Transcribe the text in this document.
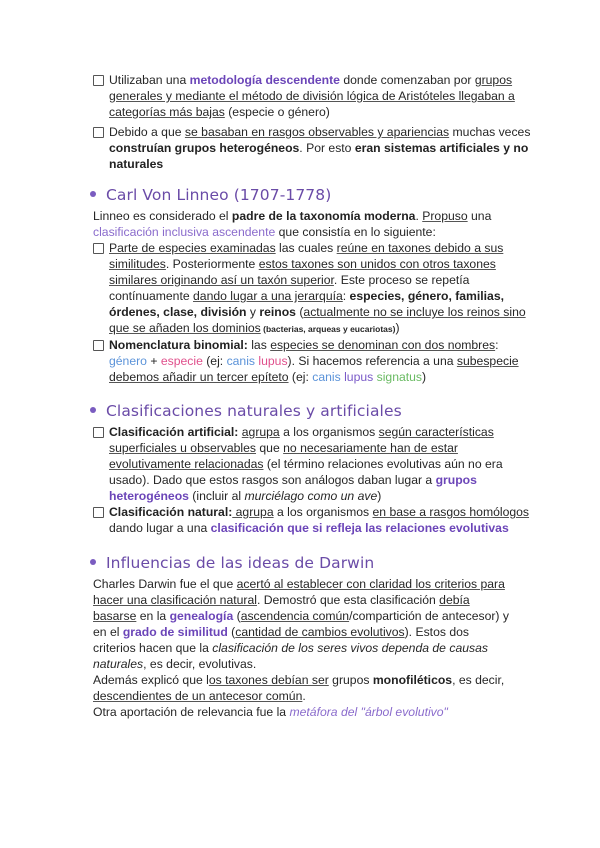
Utilizaban una metodología descendente donde comenzaban por grupos generales y mediante el método de división lógica de Aristóteles llegaban a categorías más bajas (especie o género)
Debido a que se basaban en rasgos observables y apariencias muchas veces construían grupos heterogéneos. Por esto eran sistemas artificiales y no naturales
Carl Von Linneo (1707-1778)
Linneo es considerado el padre de la taxonomía moderna. Propuso una clasificación inclusiva ascendente que consistía en lo siguiente:
Parte de especies examinadas las cuales reúne en taxones debido a sus similitudes. Posteriormente estos taxones son unidos con otros taxones similares originando así un taxón superior. Este proceso se repetía contínuamente dando lugar a una jerarquía: especies, género, familias, órdenes, clase, división y reinos (actualmente no se incluye los reinos sino que se añaden los dominios (bacterias, arqueas y eucariotas))
Nomenclatura binomial: las especies se denominan con dos nombres: género + especie (ej: canis lupus). Si hacemos referencia a una subespecie debemos añadir un tercer epíteto (ej: canis lupus signatus)
Clasificaciones naturales y artificiales
Clasificación artificial: agrupa a los organismos según características superficiales u observables que no necesariamente han de estar evolutivamente relacionadas (el término relaciones evolutivas aún no era usado). Dado que estos rasgos son análogos daban lugar a grupos heterogéneos (incluir al murciélago como un ave)
Clasificación natural: agrupa a los organismos en base a rasgos homólogos dando lugar a una clasificación que si refleja las relaciones evolutivas
Influencias de las ideas de Darwin
Charles Darwin fue el que acertó al establecer con claridad los criterios para hacer una clasificación natural. Demostró que esta clasificación debía basarse en la genealogía (ascendencia común/compartición de antecesor) y en el grado de similitud (cantidad de cambios evolutivos). Estos dos criterios hacen que la clasificación de los seres vivos dependa de causas naturales, es decir, evolutivas.
Además explicó que los taxones debían ser grupos monofiléticos, es decir, descendientes de un antecesor común.
Otra aportación de relevancia fue la metáfora del "árbol evolutivo"
